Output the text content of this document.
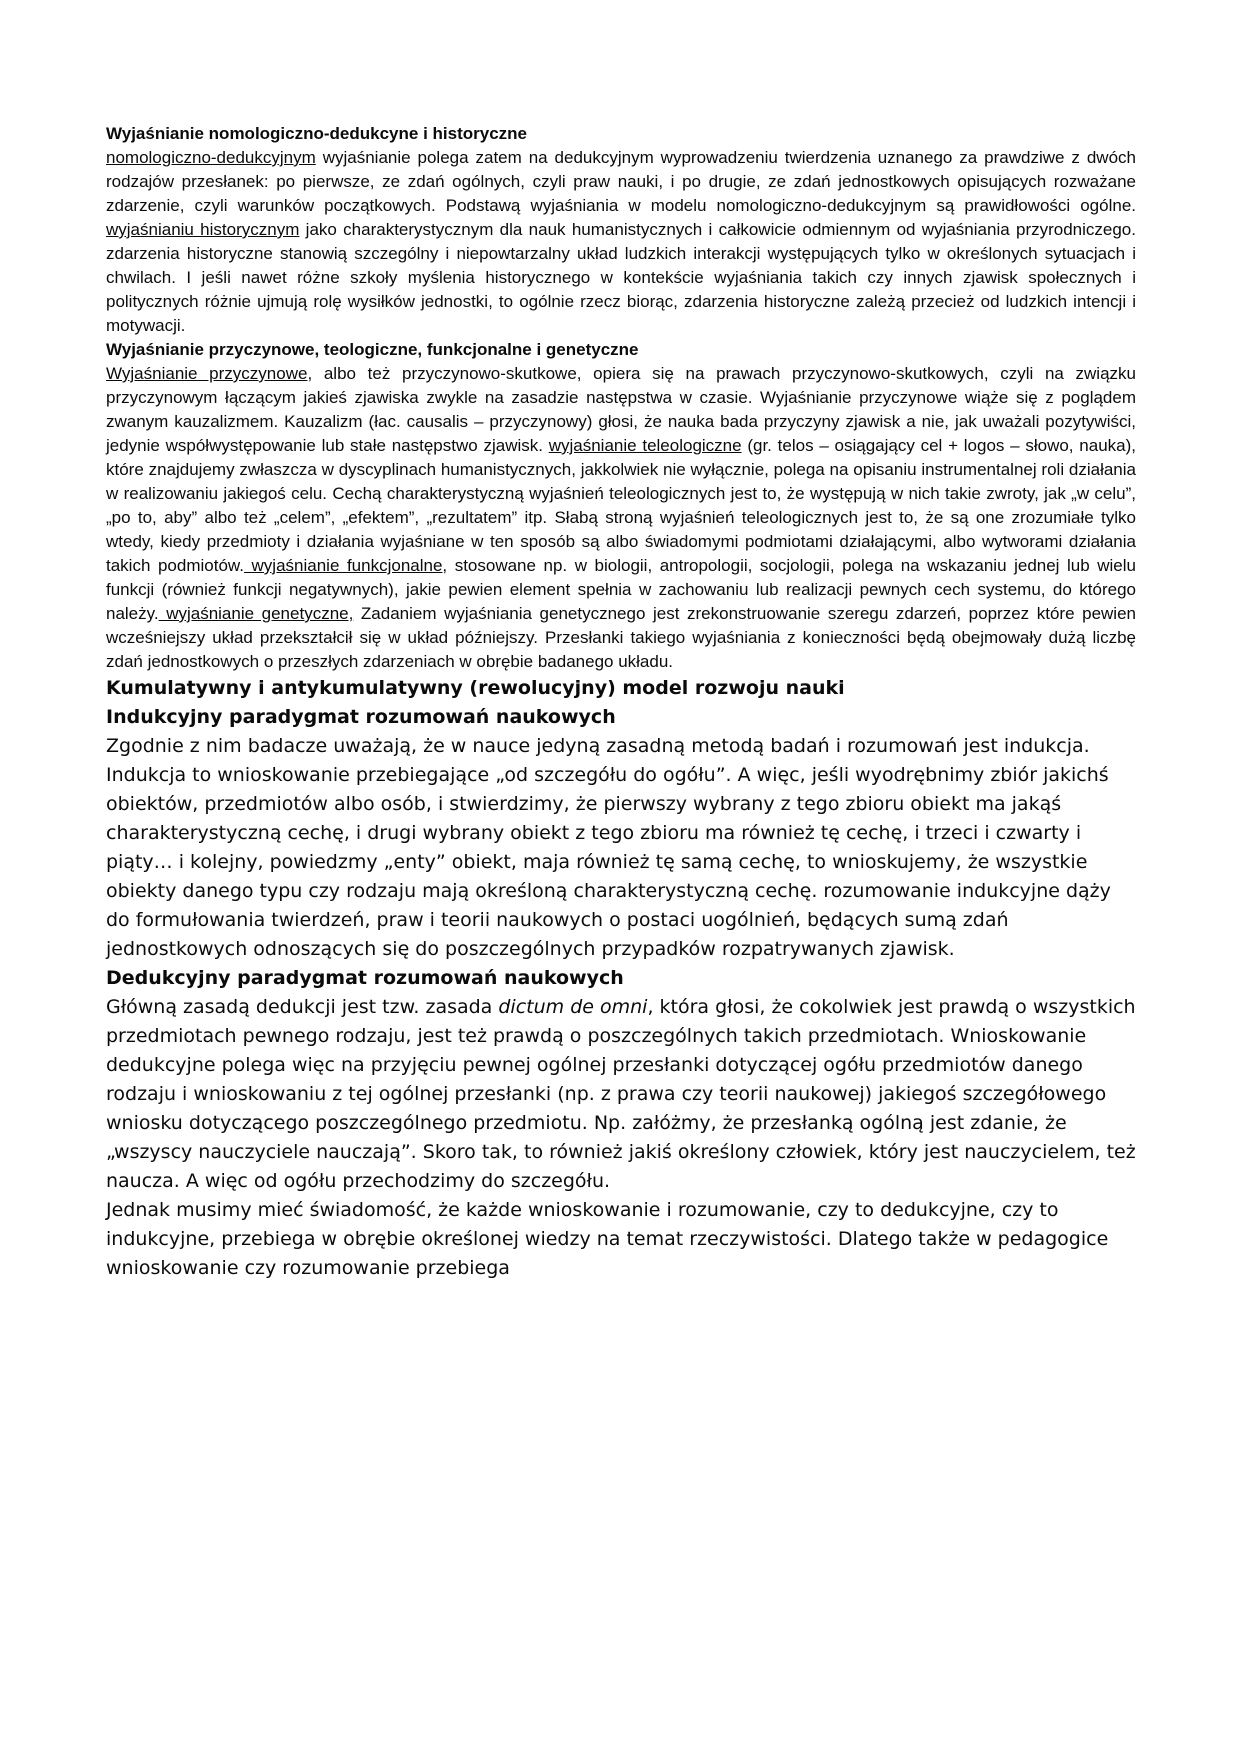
Wyjaśnianie nomologiczno-dedukcyne i historyczne

nomologiczno-dedukcyjnym wyjaśnianie polega zatem na dedukcyjnym wyprowadzeniu twierdzenia uznanego za prawdziwe z dwóch rodzajów przesłanek: po pierwsze, ze zdań ogólnych, czyli praw nauki, i po drugie, ze zdań jednostkowych opisujących rozważane zdarzenie, czyli warunków początkowych. Podstawą wyjaśniania w modelu nomologiczno-dedukcyjnym są prawidłowości ogólne. wyjaśnianiu historycznym jako charakterystycznym dla nauk humanistycznych i całkowicie odmiennym od wyjaśniania przyrodniczego. zdarzenia historyczne stanowią szczególny i niepowtarzalny układ ludzkich interakcji występujących tylko w określonych sytuacjach i chwilach. I jeśli nawet różne szkoły myślenia historycznego w kontekście wyjaśniania takich czy innych zjawisk społecznych i politycznych różnie ujmują rolę wysiłków jednostki, to ogólnie rzecz biorąc, zdarzenia historyczne zależą przecież od ludzkich intencji i motywacji.

Wyjaśnianie przyczynowe, teologiczne, funkcjonalne i genetyczne

Wyjaśnianie przyczynowe, albo też przyczynowo-skutkowe, opiera się na prawach przyczynowo-skutkowych, czyli na związku przyczynowym łączącym jakieś zjawiska zwykle na zasadzie następstwa w czasie. Wyjaśnianie przyczynowe wiąże się z poglądem zwanym kauzalizmem. Kauzalizm (łac. causalis – przyczynowy) głosi, że nauka bada przyczyny zjawisk a nie, jak uważali pozytywiści, jedynie współwystępowanie lub stałe następstwo zjawisk. wyjaśnianie teleologiczne (gr. telos – osiągający cel + logos – słowo, nauka), które znajdujemy zwłaszcza w dyscyplinach humanistycznych, jakkolwiek nie wyłącznie, polega na opisaniu instrumentalnej roli działania w realizowaniu jakiegoś celu. Cechą charakterystyczną wyjaśnień teleologicznych jest to, że występują w nich takie zwroty, jak „w celu”, „po to, aby” albo też „celem”, „efektem”, „rezultatem” itp. Słabą stroną wyjaśnień teleologicznych jest to, że są one zrozumiałe tylko wtedy, kiedy przedmioty i działania wyjaśniane w ten sposób są albo świadomymi podmiotami działającymi, albo wytworami działania takich podmiotów. wyjaśnianie funkcjonalne, stosowane np. w biologii, antropologii, socjologii, polega na wskazaniu jednej lub wielu funkcji (również funkcji negatywnych), jakie pewien element spełnia w zachowaniu lub realizacji pewnych cech systemu, do którego należy. wyjaśnianie genetyczne, Zadaniem wyjaśniania genetycznego jest zrekonstruowanie szeregu zdarzeń, poprzez które pewien wcześniejszy układ przekształcił się w układ późniejszy. Przesłanki takiego wyjaśniania z konieczności będą obejmowały dużą liczbę zdań jednostkowych o przeszłych zdarzeniach w obrębie badanego układu.

Kumulatywny i antykumulatywny (rewolucyjny) model rozwoju nauki

Indukcyjny paradygmat rozumowań naukowych

Zgodnie z nim badacze uważają, że w nauce jedyną zasadną metodą badań i rozumowań jest indukcja. Indukcja to wnioskowanie przebiegające „od szczegółu do ogółu”. A więc, jeśli wyodrębnimy zbiór jakichś obiektów, przedmiotów albo osób, i stwierdzimy, że pierwszy wybrany z tego zbioru obiekt ma jakąś charakterystyczną cechę, i drugi wybrany obiekt z tego zbioru ma również tę cechę, i trzeci i czwarty i piąty… i kolejny, powiedzmy „enty” obiekt, maja również tę samą cechę, to wnioskujemy, że wszystkie obiekty danego typu czy rodzaju mają określoną charakterystyczną cechę. rozumowanie indukcyjne dąży do formułowania twierdzeń, praw i teorii naukowych o postaci uogólnień, będących sumą zdań jednostkowych odnoszących się do poszczególnych przypadków rozpatrywanych zjawisk.

Dedukcyjny paradygmat rozumowań naukowych

Główną zasadą dedukcji jest tzw. zasada dictum de omni, która głosi, że cokolwiek jest prawdą o wszystkich przedmiotach pewnego rodzaju, jest też prawdą o poszczególnych takich przedmiotach. Wnioskowanie dedukcyjne polega więc na przyjęciu pewnej ogólnej przesłanki dotyczącej ogółu przedmiotów danego rodzaju i wnioskowaniu z tej ogólnej przesłanki (np. z prawa czy teorii naukowej) jakiegoś szczegółowego wniosku dotyczącego poszczególnego przedmiotu. Np. załóżmy, że przesłanką ogólną jest zdanie, że „wszyscy nauczyciele nauczają”. Skoro tak, to również jakiś określony człowiek, który jest nauczycielem, też naucza. A więc od ogółu przechodzimy do szczegółu.

Jednak musimy mieć świadomość, że każde wnioskowanie i rozumowanie, czy to dedukcyjne, czy to indukcyjne, przebiega w obrębie określonej wiedzy na temat rzeczywistości. Dlatego także w pedagogice wnioskowanie czy rozumowanie przebiega
